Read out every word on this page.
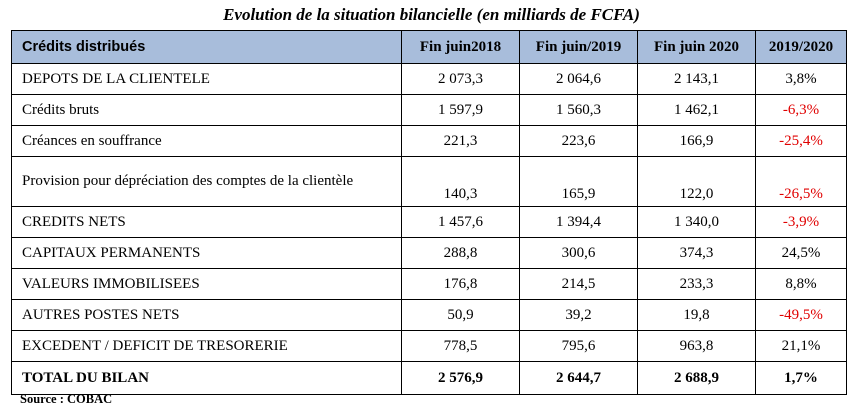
Evolution de la situation bilancielle (en milliards de FCFA)
Crédits distribués	Fin juin2018	Fin juin/2019	Fin juin 2020	2019/2020
DEPOTS DE LA CLIENTELE	2 073,3	2 064,6	2 143,1	3,8%
Crédits bruts	1 597,9	1 560,3	1 462,1	-6,3%
Créances en souffrance	221,3	223,6	166,9	-25,4%
Provision pour dépréciation des comptes de la clientèle	140,3	165,9	122,0	-26,5%
CREDITS NETS	1 457,6	1 394,4	1 340,0	-3,9%
CAPITAUX PERMANENTS	288,8	300,6	374,3	24,5%
VALEURS IMMOBILISEES	176,8	214,5	233,3	8,8%
AUTRES POSTES NETS	50,9	39,2	19,8	-49,5%
EXCEDENT / DEFICIT DE TRESORERIE	778,5	795,6	963,8	21,1%
TOTAL DU BILAN	2 576,9	2 644,7	2 688,9	1,7%
Source : COBAC
